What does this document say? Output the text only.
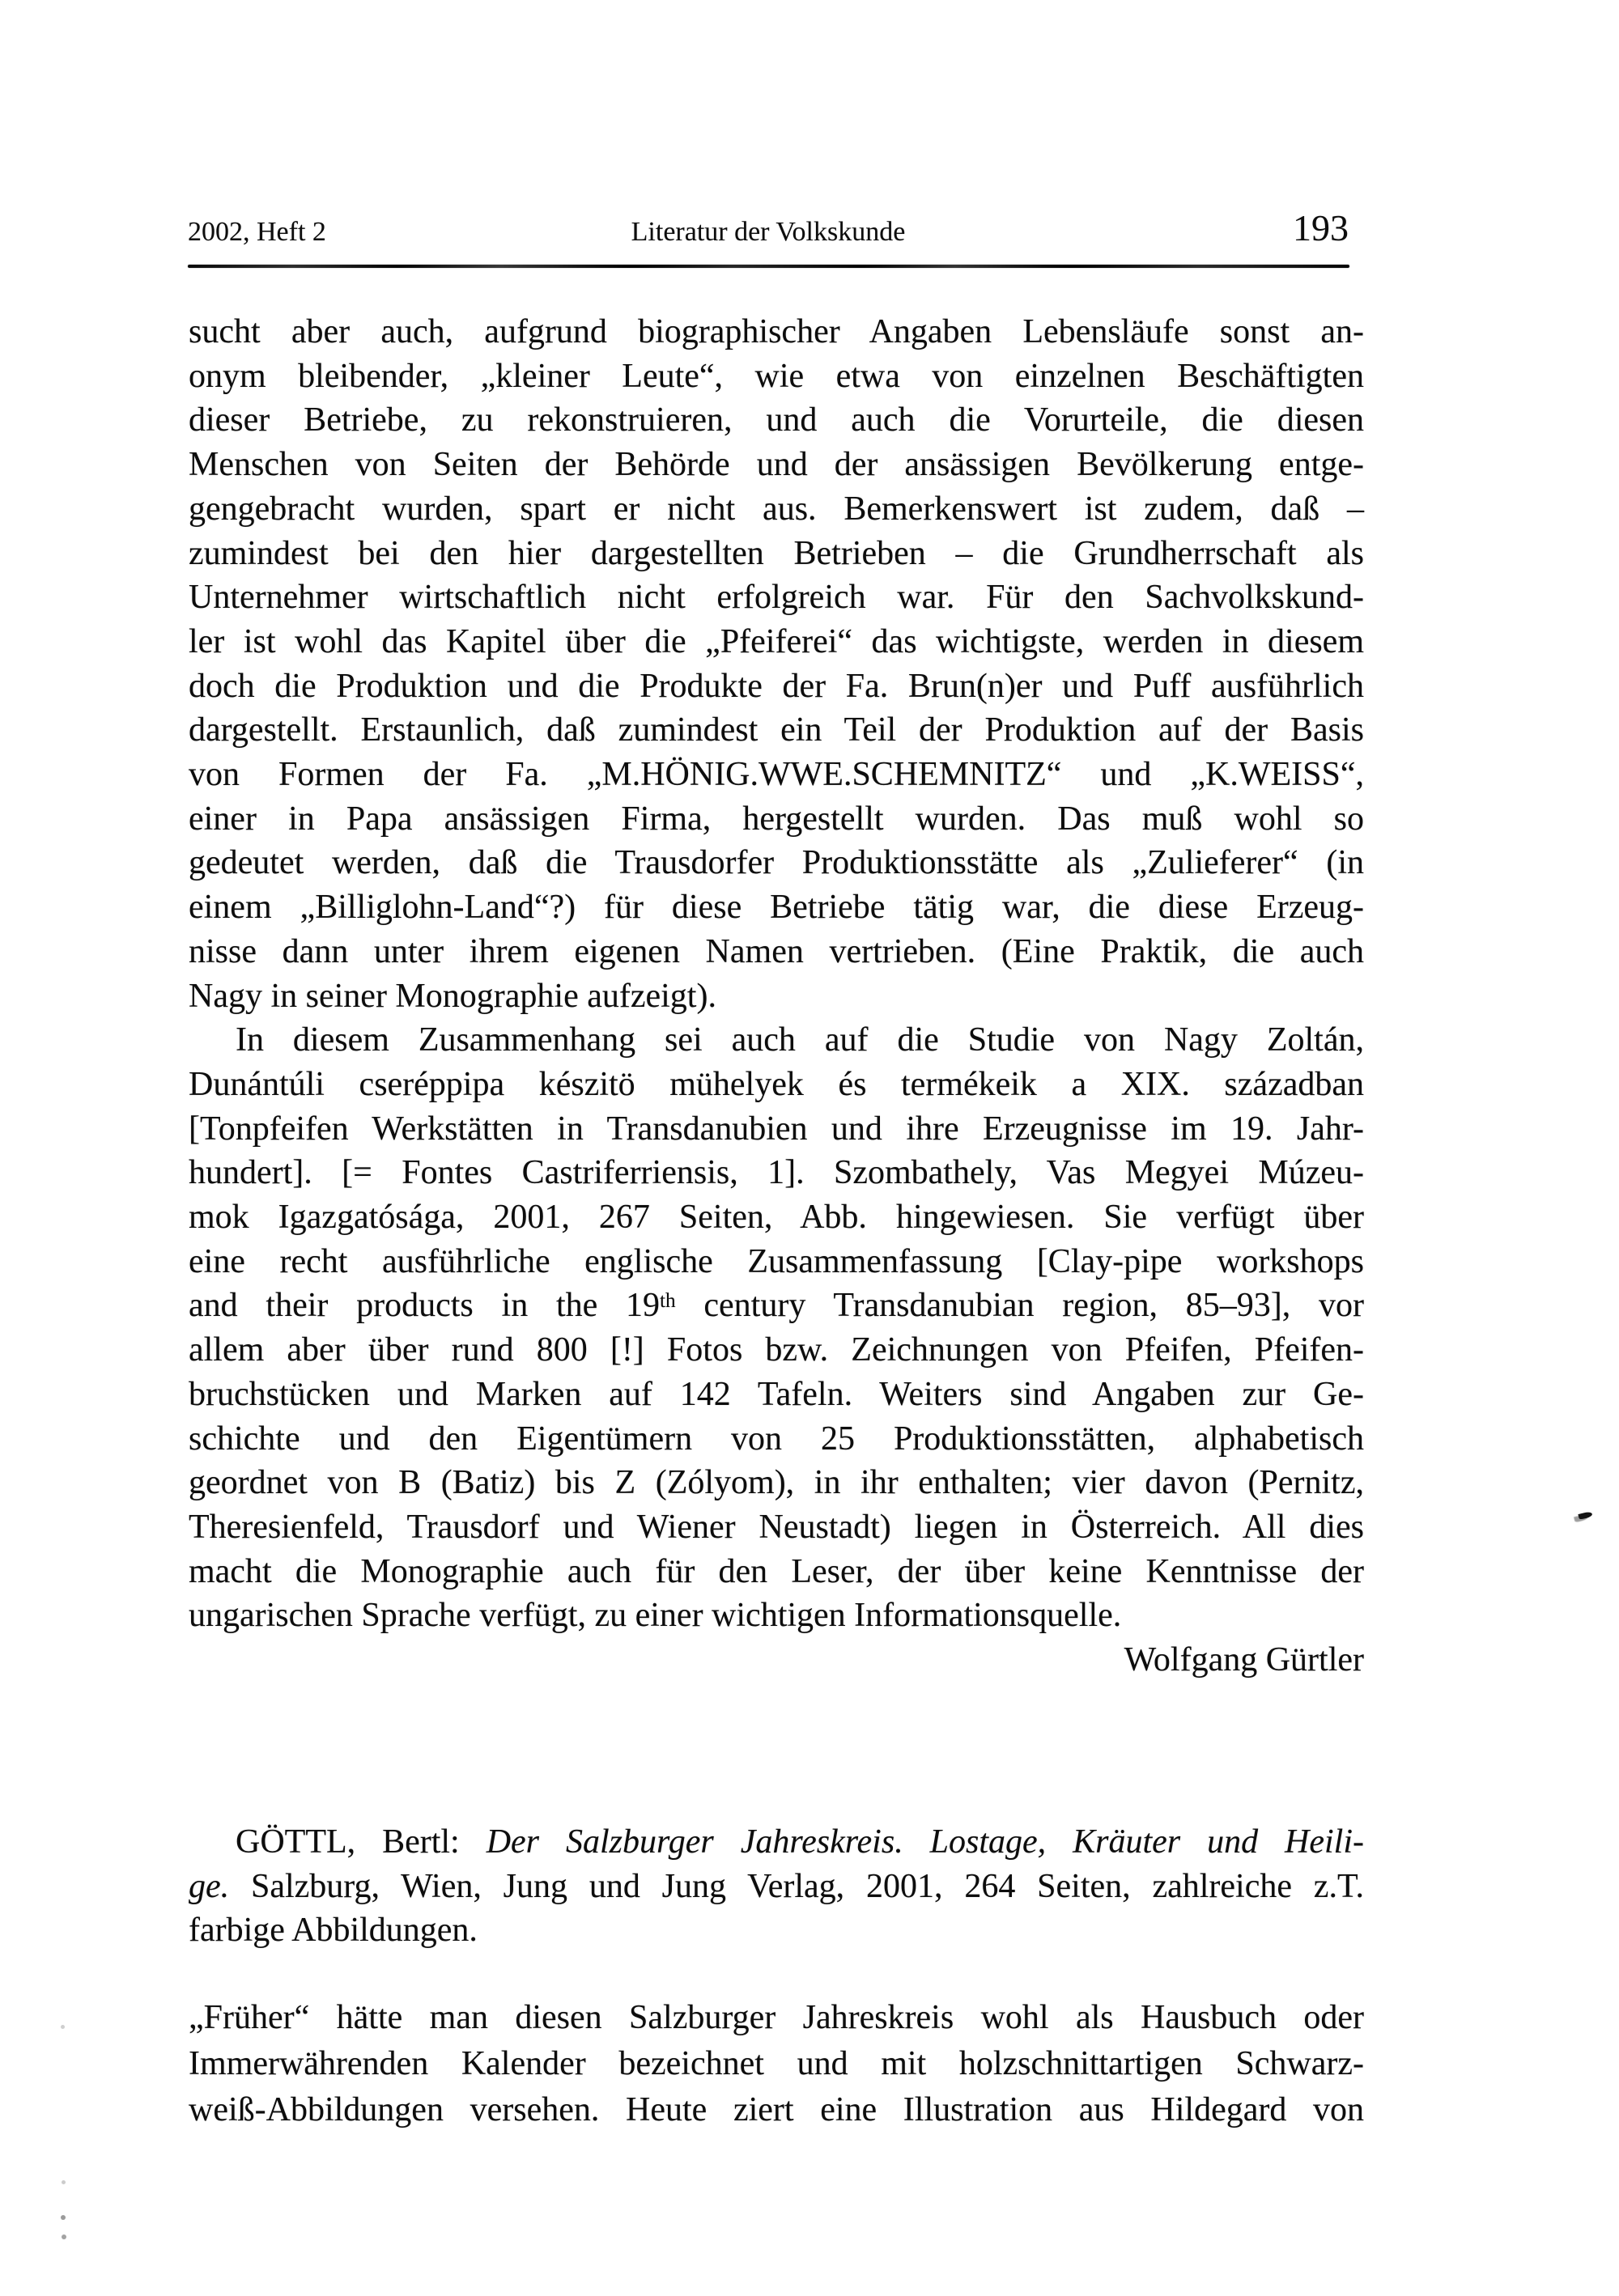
2002, Heft 2	Literatur der Volkskunde	193
sucht aber auch, aufgrund biographischer Angaben Lebensläufe sonst an-
onym bleibender, „kleiner Leute“, wie etwa von einzelnen Beschäftigten
dieser Betriebe, zu rekonstruieren, und auch die Vorurteile, die diesen
Menschen von Seiten der Behörde und der ansässigen Bevölkerung entge-
gengebracht wurden, spart er nicht aus. Bemerkenswert ist zudem, daß –
zumindest bei den hier dargestellten Betrieben – die Grundherrschaft als
Unternehmer wirtschaftlich nicht erfolgreich war. Für den Sachvolkskund-
ler ist wohl das Kapitel über die „Pfeiferei“ das wichtigste, werden in diesem
doch die Produktion und die Produkte der Fa. Brun(n)er und Puff ausführlich
dargestellt. Erstaunlich, daß zumindest ein Teil der Produktion auf der Basis
von Formen der Fa. „M.HÖNIG.WWE.SCHEMNITZ“ und „K.WEISS“,
einer in Papa ansässigen Firma, hergestellt wurden. Das muß wohl so
gedeutet werden, daß die Trausdorfer Produktionsstätte als „Zulieferer“ (in
einem „Billiglohn-Land“?) für diese Betriebe tätig war, die diese Erzeug-
nisse dann unter ihrem eigenen Namen vertrieben. (Eine Praktik, die auch
Nagy in seiner Monographie aufzeigt).
In diesem Zusammenhang sei auch auf die Studie von Nagy Zoltán,
Dunántúli cseréppipa készitö mühelyek és termékeik a XIX. században
[Tonpfeifen Werkstätten in Transdanubien und ihre Erzeugnisse im 19. Jahr-
hundert]. [= Fontes Castriferriensis, 1]. Szombathely, Vas Megyei Múzeu-
mok Igazgatósága, 2001, 267 Seiten, Abb. hingewiesen. Sie verfügt über
eine recht ausführliche englische Zusammenfassung [Clay-pipe workshops
and their products in the 19th century Transdanubian region, 85–93], vor
allem aber über rund 800 [!] Fotos bzw. Zeichnungen von Pfeifen, Pfeifen-
bruchstücken und Marken auf 142 Tafeln. Weiters sind Angaben zur Ge-
schichte und den Eigentümern von 25 Produktionsstätten, alphabetisch
geordnet von B (Batiz) bis Z (Zólyom), in ihr enthalten; vier davon (Pernitz,
Theresienfeld, Trausdorf und Wiener Neustadt) liegen in Österreich. All dies
macht die Monographie auch für den Leser, der über keine Kenntnisse der
ungarischen Sprache verfügt, zu einer wichtigen Informationsquelle.
Wolfgang Gürtler
GÖTTL, Bertl: Der Salzburger Jahreskreis. Lostage, Kräuter und Heili-
ge. Salzburg, Wien, Jung und Jung Verlag, 2001, 264 Seiten, zahlreiche z.T.
farbige Abbildungen.
„Früher“ hätte man diesen Salzburger Jahreskreis wohl als Hausbuch oder
Immerwährenden Kalender bezeichnet und mit holzschnittartigen Schwarz-
weiß-Abbildungen versehen. Heute ziert eine Illustration aus Hildegard von
